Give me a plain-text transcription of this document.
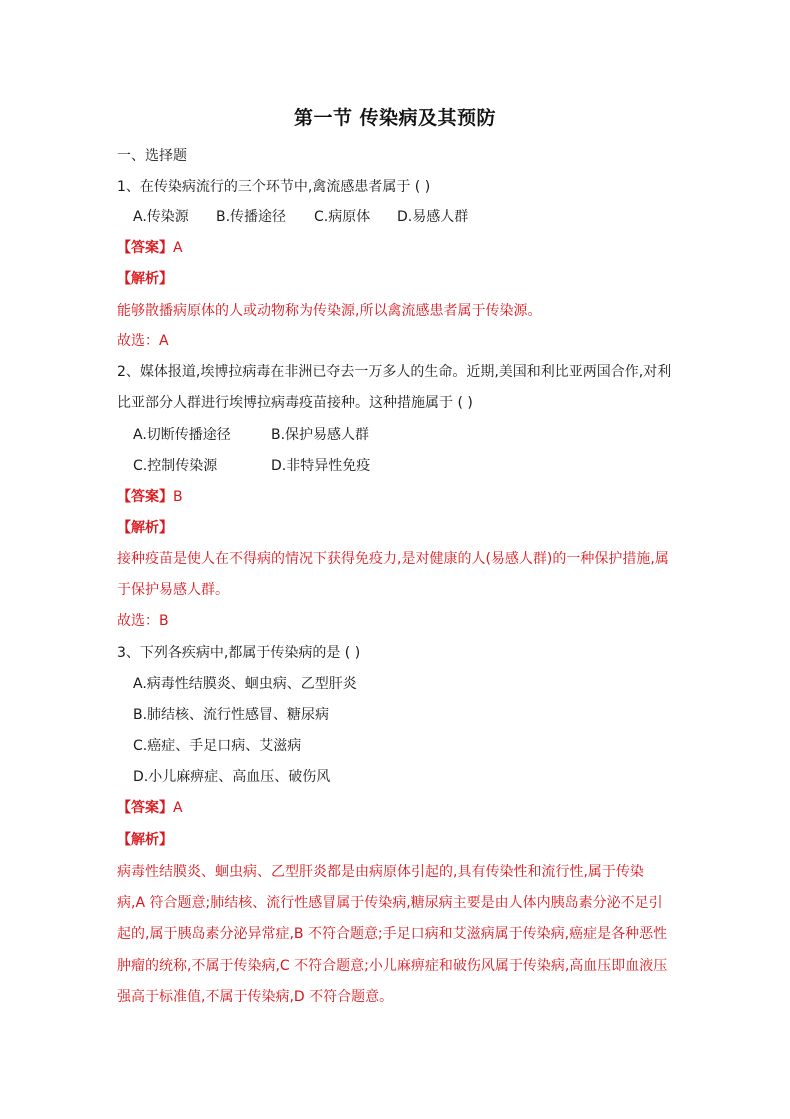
第一节 传染病及其预防
一、选择题
1、在传染病流行的三个环节中,禽流感患者属于 ( )
A.传染源 B.传播途径 C.病原体 D.易感人群
【答案】A
【解析】
能够散播病原体的人或动物称为传染源,所以禽流感患者属于传染源。
故选：A
2、媒体报道,埃博拉病毒在非洲已夺去一万多人的生命。近期,美国和利比亚两国合作,对利
比亚部分人群进行埃博拉病毒疫苗接种。这种措施属于 ( )
A.切断传播途径	B.保护易感人群
C.控制传染源	D.非特异性免疫
【答案】B
【解析】
接种疫苗是使人在不得病的情况下获得免疫力,是对健康的人(易感人群)的一种保护措施,属
于保护易感人群。
故选：B
3、下列各疾病中,都属于传染病的是 ( )
A.病毒性结膜炎、蛔虫病、乙型肝炎
B.肺结核、流行性感冒、糖尿病
C.癌症、手足口病、艾滋病
D.小儿麻痹症、高血压、破伤风
【答案】A
【解析】
病毒性结膜炎、蛔虫病、乙型肝炎都是由病原体引起的,具有传染性和流行性,属于传染
病,A 符合题意;肺结核、流行性感冒属于传染病,糖尿病主要是由人体内胰岛素分泌不足引
起的,属于胰岛素分泌异常症,B 不符合题意;手足口病和艾滋病属于传染病,癌症是各种恶性
肿瘤的统称,不属于传染病,C 不符合题意;小儿麻痹症和破伤风属于传染病,高血压即血液压
强高于标准值,不属于传染病,D 不符合题意。
